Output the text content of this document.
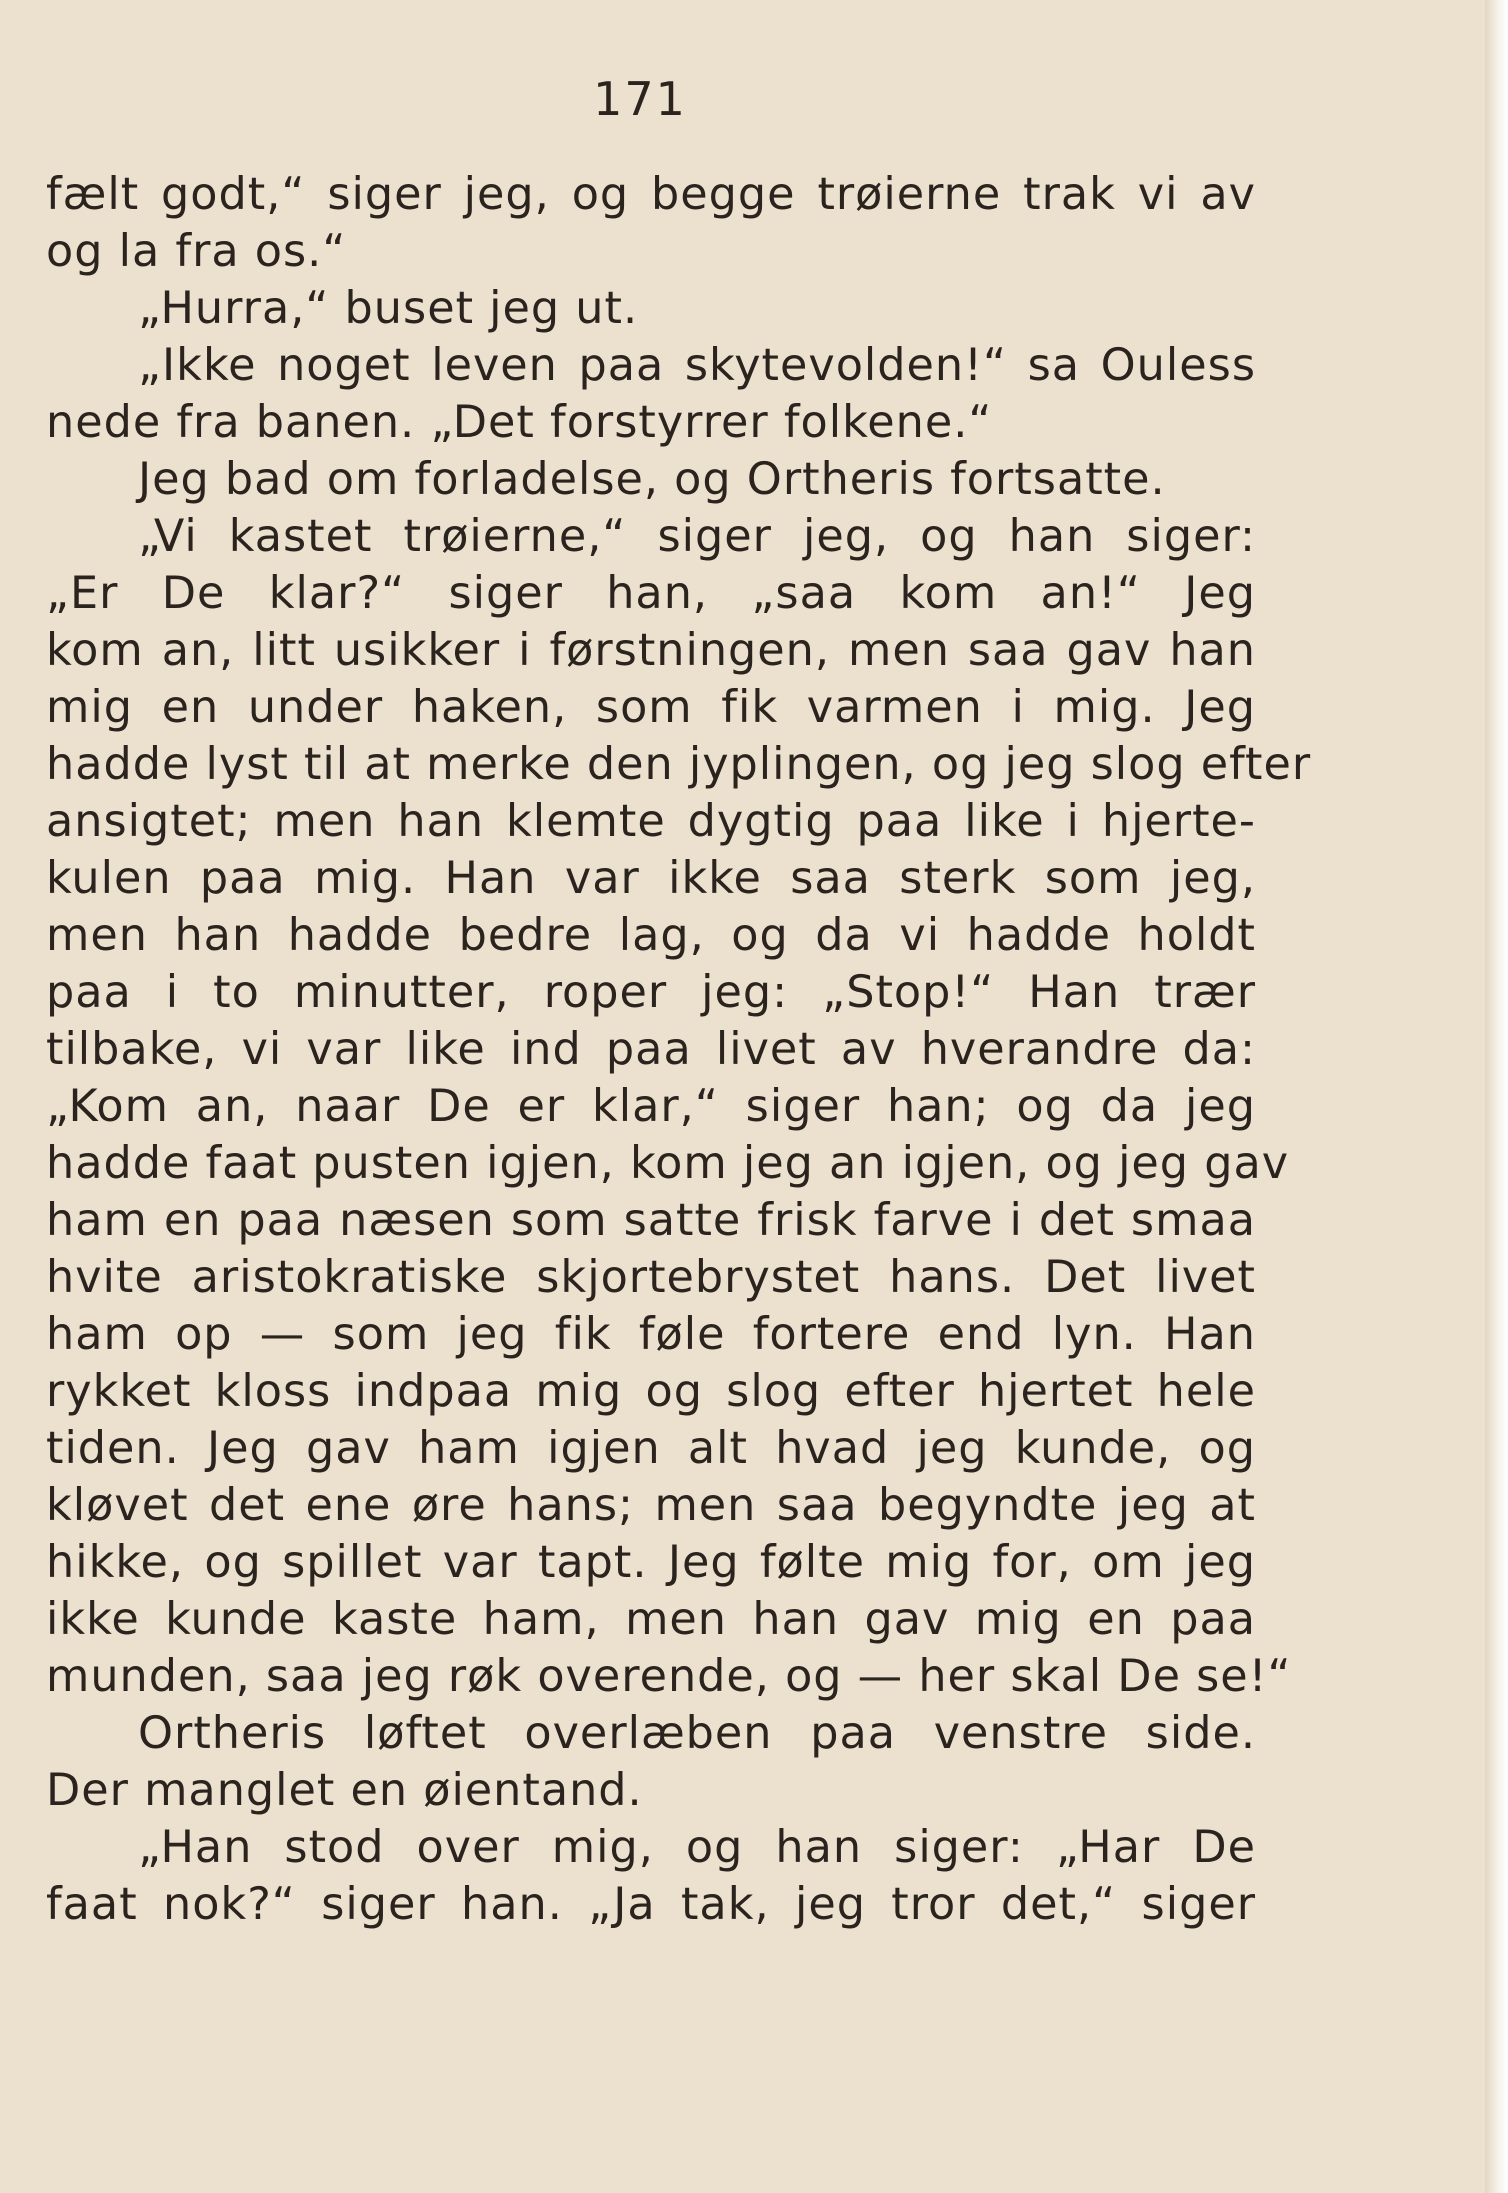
171
fælt godt,“ siger jeg, og begge trøierne trak vi av
og la fra os.“
„Hurra,“ buset jeg ut.
„Ikke noget leven paa skytevolden!“ sa Ouless
nede fra banen. „Det forstyrrer folkene.“
Jeg bad om forladelse, og Ortheris fortsatte.
„Vi kastet trøierne,“ siger jeg, og han siger:
„Er De klar?“ siger han, „saa kom an!“ Jeg
kom an, litt usikker i førstningen, men saa gav han
mig en under haken, som fik varmen i mig. Jeg
hadde lyst til at merke den jyplingen, og jeg slog efter
ansigtet; men han klemte dygtig paa like i hjerte-
kulen paa mig. Han var ikke saa sterk som jeg,
men han hadde bedre lag, og da vi hadde holdt
paa i to minutter, roper jeg: „Stop!“ Han trær
tilbake, vi var like ind paa livet av hverandre da:
„Kom an, naar De er klar,“ siger han; og da jeg
hadde faat pusten igjen, kom jeg an igjen, og jeg gav
ham en paa næsen som satte frisk farve i det smaa
hvite aristokratiske skjortebrystet hans. Det livet
ham op — som jeg fik føle fortere end lyn. Han
rykket kloss indpaa mig og slog efter hjertet hele
tiden. Jeg gav ham igjen alt hvad jeg kunde, og
kløvet det ene øre hans; men saa begyndte jeg at
hikke, og spillet var tapt. Jeg følte mig for, om jeg
ikke kunde kaste ham, men han gav mig en paa
munden, saa jeg røk overende, og — her skal De se!“
Ortheris løftet overlæben paa venstre side.
Der manglet en øientand.
„Han stod over mig, og han siger: „Har De
faat nok?“ siger han. „Ja tak, jeg tror det,“ siger
